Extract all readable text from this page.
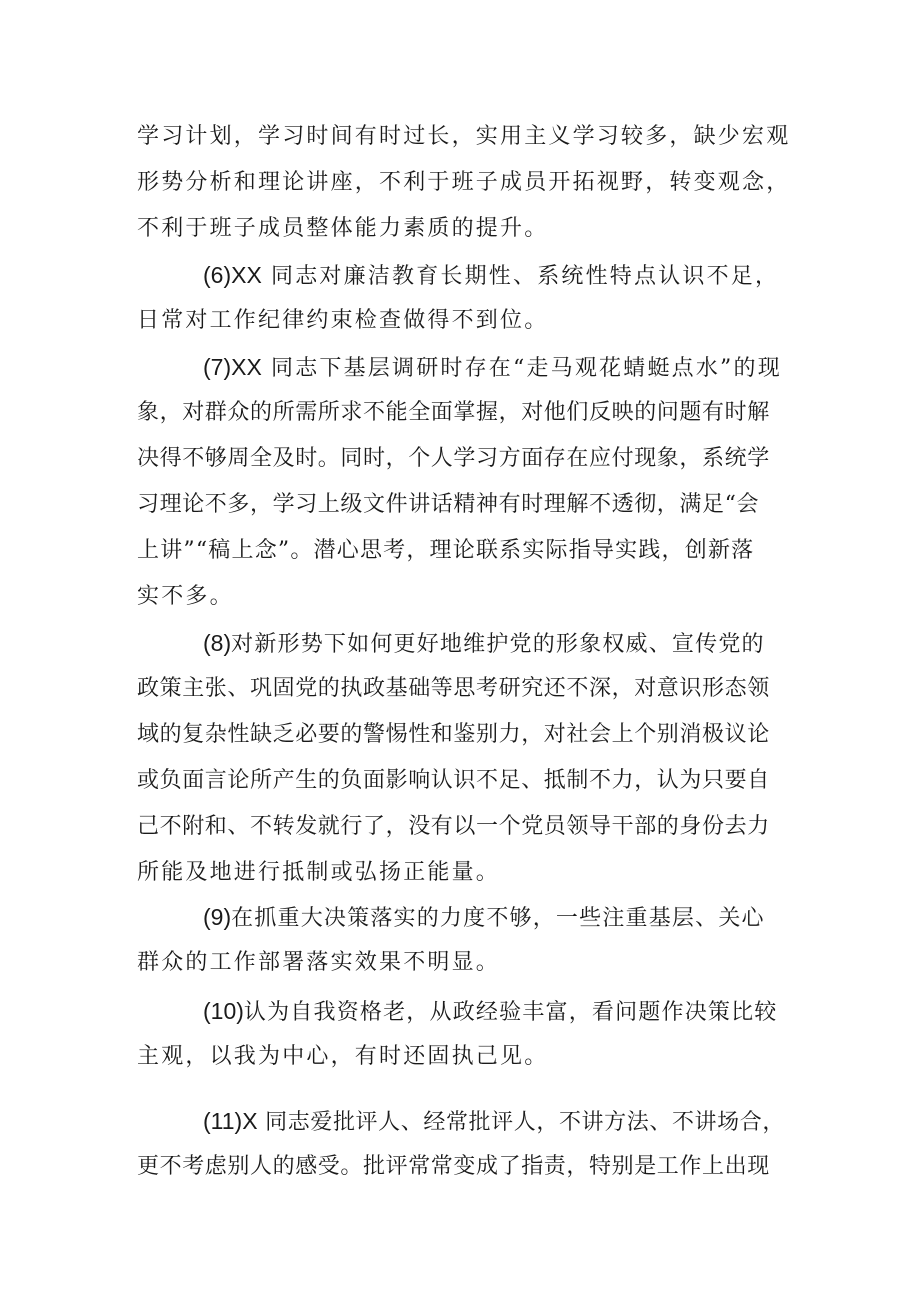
学习计划，学习时间有时过长，实用主义学习较多，缺少宏观
形势分析和理论讲座，不利于班子成员开拓视野，转变观念，
不利于班子成员整体能力素质的提升。
(6)XX 同志对廉洁教育长期性、系统性特点认识不足，
日常对工作纪律约束检查做得不到位。
(7)XX 同志下基层调研时存在“走马观花蜻蜓点水”的现
象，对群众的所需所求不能全面掌握，对他们反映的问题有时解
决得不够周全及时。同时，个人学习方面存在应付现象，系统学
习理论不多，学习上级文件讲话精神有时理解不透彻，满足“会
上讲”“稿上念”。潜心思考，理论联系实际指导实践，创新落
实不多。
(8)对新形势下如何更好地维护党的形象权威、宣传党的
政策主张、巩固党的执政基础等思考研究还不深，对意识形态领
域的复杂性缺乏必要的警惕性和鉴别力，对社会上个别消极议论
或负面言论所产生的负面影响认识不足、抵制不力，认为只要自
己不附和、不转发就行了，没有以一个党员领导干部的身份去力
所能及地进行抵制或弘扬正能量。
(9)在抓重大决策落实的力度不够，一些注重基层、关心
群众的工作部署落实效果不明显。
(10)认为自我资格老，从政经验丰富，看问题作决策比较
主观，以我为中心，有时还固执己见。
(11)X 同志爱批评人、经常批评人，不讲方法、不讲场合，
更不考虑别人的感受。批评常常变成了指责，特别是工作上出现
